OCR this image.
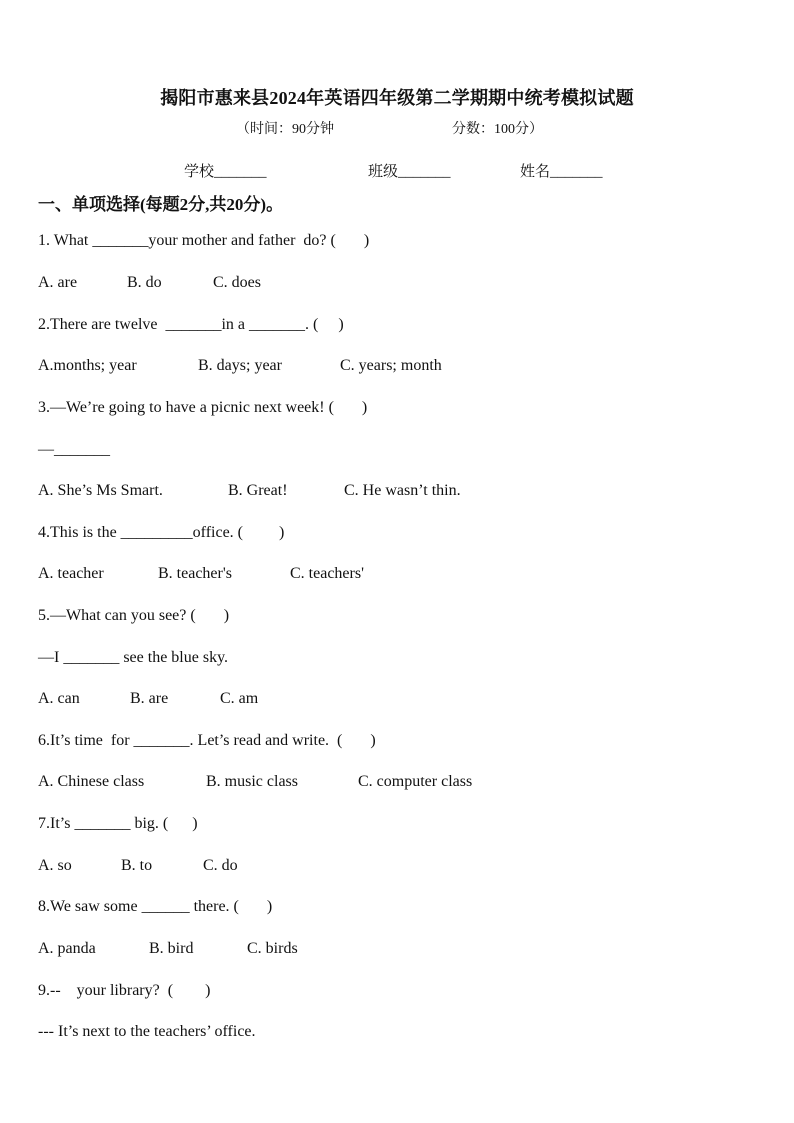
揭阳市惠来县2024年英语四年级第二学期期中统考模拟试题
（时间：90分钟	分数：100分）
学校_______	班级_______	姓名_______
一、单项选择(每题2分,共20分)。
1. What _______your mother and father  do? (       )
A. are	B. do	C. does
2.There are twelve  _______in a _______. (     )
A.months; year	B. days; year	C. years; month
3.—We’re going to have a picnic next week! (       )
—_______
A. She’s Ms Smart.	B. Great!	C. He wasn’t thin.
4.This is the _________office. (         )
A. teacher	B. teacher's	C. teachers'
5.—What can you see? (       )
—I _______ see the blue sky.
A. can	B. are	C. am
6.It’s time  for _______. Let’s read and write.  (       )
A. Chinese class	B. music class	C. computer class
7.It’s _______ big. (      )
A. so	B. to	C. do
8.We saw some ______ there. (       )
A. panda	B. bird	C. birds
9.--    your library?  (        )
--- It’s next to the teachers’ office.
